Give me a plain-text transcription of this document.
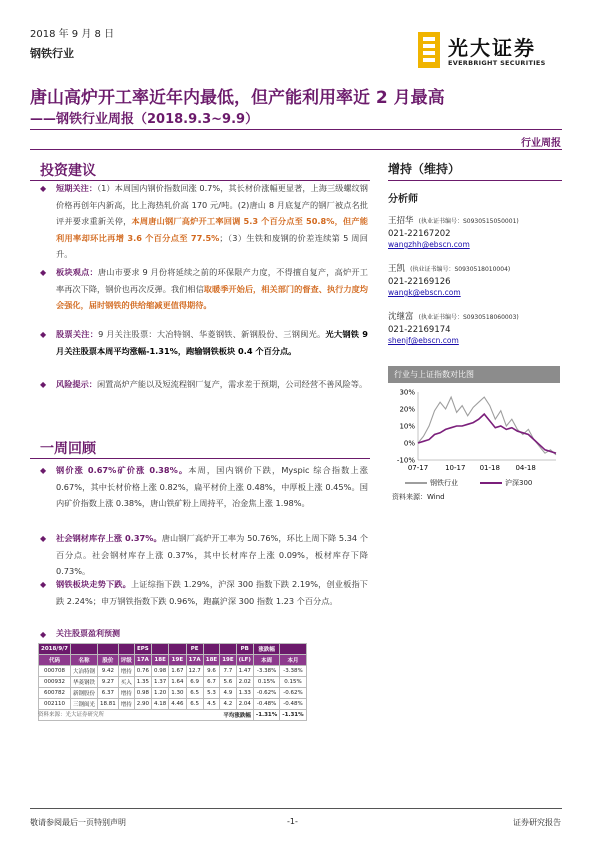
2018 年 9 月 8 日
钢铁行业	光大证券
EVERBRIGHT SECURITIES
唐山高炉开工率近年内最低，但产能利用率近 2 月最高
——钢铁行业周报（2018.9.3~9.9）
行业周报
投资建议
◆ 短期关注：（1）本周国内钢价指数回涨 0.7%，其长材价涨幅更显著，上海三级螺纹钢价格再创年内新高，比上海热轧价高 170 元/吨。(2)唐山 8 月底复产的钢厂被点名批评并要求重新关停，本周唐山钢厂高炉开工率回调 5.3 个百分点至 50.8%，但产能利用率却环比再增 3.6 个百分点至 77.5%；（3）生铁和废钢的价差连续第 5 周回升。
◆ 板块观点：唐山市要求 9 月份将延续之前的环保限产力度，不得擅自复产，高炉开工率再次下降，钢价也再次反弹。我们相信取暖季开始后，相关部门的督查、执行力度均会强化，届时钢铁的供给缩减更值得期待。
◆ 股票关注：9 月关注股票：大冶特钢、华菱钢铁、新钢股份、三钢闽光。光大钢铁 9 月关注股票本周平均涨幅-1.31%，跑输钢铁板块 0.4 个百分点。
◆ 风险提示：闲置高炉产能以及短流程钢厂复产，需求差于预期，公司经营不善风险等。
一周回顾
◆ 钢价涨 0.67%矿价涨 0.38%。本周，国内钢价下跌，Myspic 综合指数上涨 0.67%，其中长材价格上涨 0.82%，扁平材价上涨 0.48%，中厚板上涨 0.45%。国内矿价指数上涨 0.38%，唐山铁矿粉上周持平，冶金焦上涨 1.98%。
◆ 社会钢材库存上涨 0.37%。唐山钢厂高炉开工率为 50.76%，环比上周下降 5.34 个百分点。社会钢材库存上涨 0.37%，其中长材库存上涨 0.09%，板材库存下降 0.73%。
◆ 钢铁板块走势下跌。上证综指下跌 1.29%，沪深 300 指数下跌 2.19%，创业板指下跌 2.24%；申万钢铁指数下跌 0.96%，跑赢沪深 300 指数 1.23 个百分点。
◆ 关注股票盈利预测
2018/9/7				EPS			PE			PB	涨跌幅	
代码	名称	股价	评级	17A	18E	19E	17A	18E	19E	(LF)	本周	本月
000708	大冶特钢	9.42	增持	0.76	0.98	1.67	12.7	9.6	7.7	1.47	-3.38%	-3.38%
000932	华菱钢铁	9.27	买入	1.35	1.37	1.64	6.9	6.7	5.6	2.02	0.15%	0.15%
600782	新钢股份	6.37	增持	0.98	1.20	1.30	6.5	5.3	4.9	1.33	-0.62%	-0.62%
002110	三钢闽光	18.81	增持	2.90	4.18	4.46	6.5	4.5	4.2	2.04	-0.48%	-0.48%
平均涨跌幅											-1.31%	-1.31%
资料来源：光大证券研究所
增持（维持）
分析师
王招华 (执业证书编号：S0930515050001)
021-22167202
wangzhh@ebscn.com
王凯 (执业证书编号：S0930518010004)
021-22169126
wangk@ebscn.com
沈继富 (执业证书编号：S0930518060003)
021-22169174
shenjf@ebscn.com
行业与上证指数对比图
30%
20%
10%
0%
-10%
07-17 10-17 01-18 04-18
钢铁行业	沪深300
资料来源：Wind
敬请参阅最后一页特别声明	-1-	证券研究报告
